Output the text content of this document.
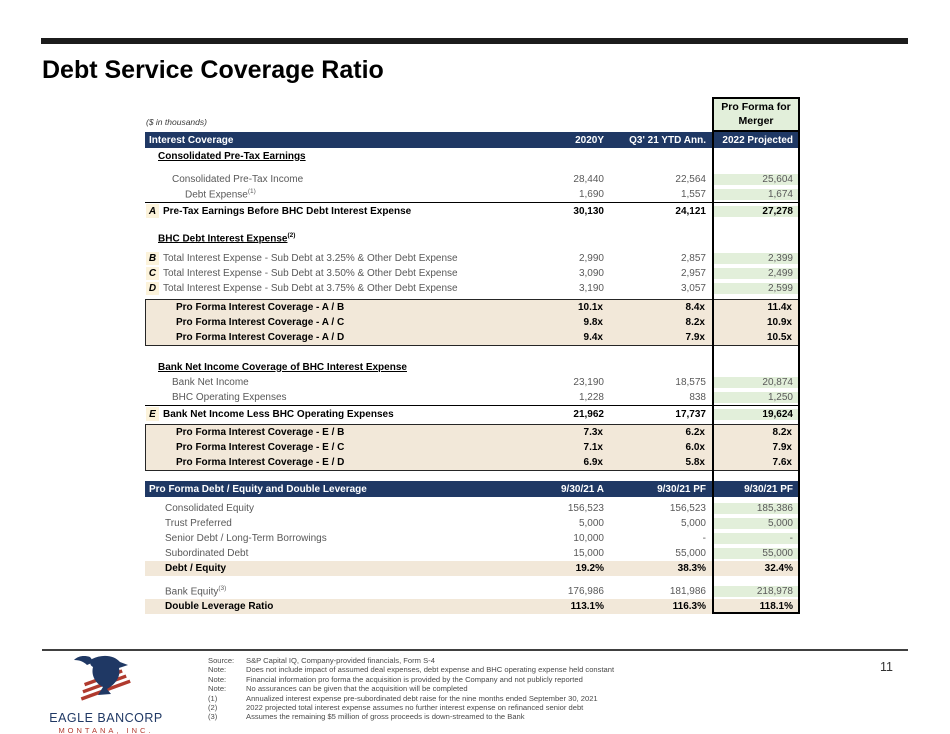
Debt Service Coverage Ratio
($ in thousands)
Pro Forma for Merger
Interest Coverage	2020Y	Q3' 21 YTD Ann.	2022 Projected
Consolidated Pre-Tax Earnings
Consolidated Pre-Tax Income	28,440	22,564	25,604
Debt Expense$^{(1)}$	1,690	1,557	1,674
A Pre-Tax Earnings Before BHC Debt Interest Expense	30,130	24,121	27,278
BHC Debt Interest Expense$^{(2)}$
B Total Interest Expense - Sub Debt at 3.25% & Other Debt Expense	2,990	2,857	2,399
C Total Interest Expense - Sub Debt at 3.50% & Other Debt Expense	3,090	2,957	2,499
D Total Interest Expense - Sub Debt at 3.75% & Other Debt Expense	3,190	3,057	2,599
Pro Forma Interest Coverage - A / B	10.1x	8.4x	11.4x
Pro Forma Interest Coverage - A / C	9.8x	8.2x	10.9x
Pro Forma Interest Coverage - A / D	9.4x	7.9x	10.5x
Bank Net Income Coverage of BHC Interest Expense
Bank Net Income	23,190	18,575	20,874
BHC Operating Expenses	1,228	838	1,250
E Bank Net Income Less BHC Operating Expenses	21,962	17,737	19,624
Pro Forma Interest Coverage - E / B	7.3x	6.2x	8.2x
Pro Forma Interest Coverage - E / C	7.1x	6.0x	7.9x
Pro Forma Interest Coverage - E / D	6.9x	5.8x	7.6x
Pro Forma Debt / Equity and Double Leverage	9/30/21 A	9/30/21 PF	9/30/21 PF
Consolidated Equity	156,523	156,523	185,386
Trust Preferred	5,000	5,000	5,000
Senior Debt / Long-Term Borrowings	10,000	-	-
Subordinated Debt	15,000	55,000	55,000
Debt / Equity	19.2%	38.3%	32.4%
Bank Equity$^{(3)}$	176,986	181,986	218,978
Double Leverage Ratio	113.1%	116.3%	118.1%
EAGLE BANCORP
MONTANA, INC.
Source:	S&P Capital IQ, Company-provided financials, Form S-4
Note:	Does not include impact of assumed deal expenses, debt expense and BHC operating expense held constant
Note:	Financial information pro forma the acquisition is provided by the Company and not publicly reported
Note:	No assurances can be given that the acquisition will be completed
(1)	Annualized interest expense pre-subordinated debt raise for the nine months ended September 30, 2021
(2)	2022 projected total interest expense assumes no further interest expense on refinanced senior debt
(3)	Assumes the remaining $5 million of gross proceeds is down-streamed to the Bank
11
